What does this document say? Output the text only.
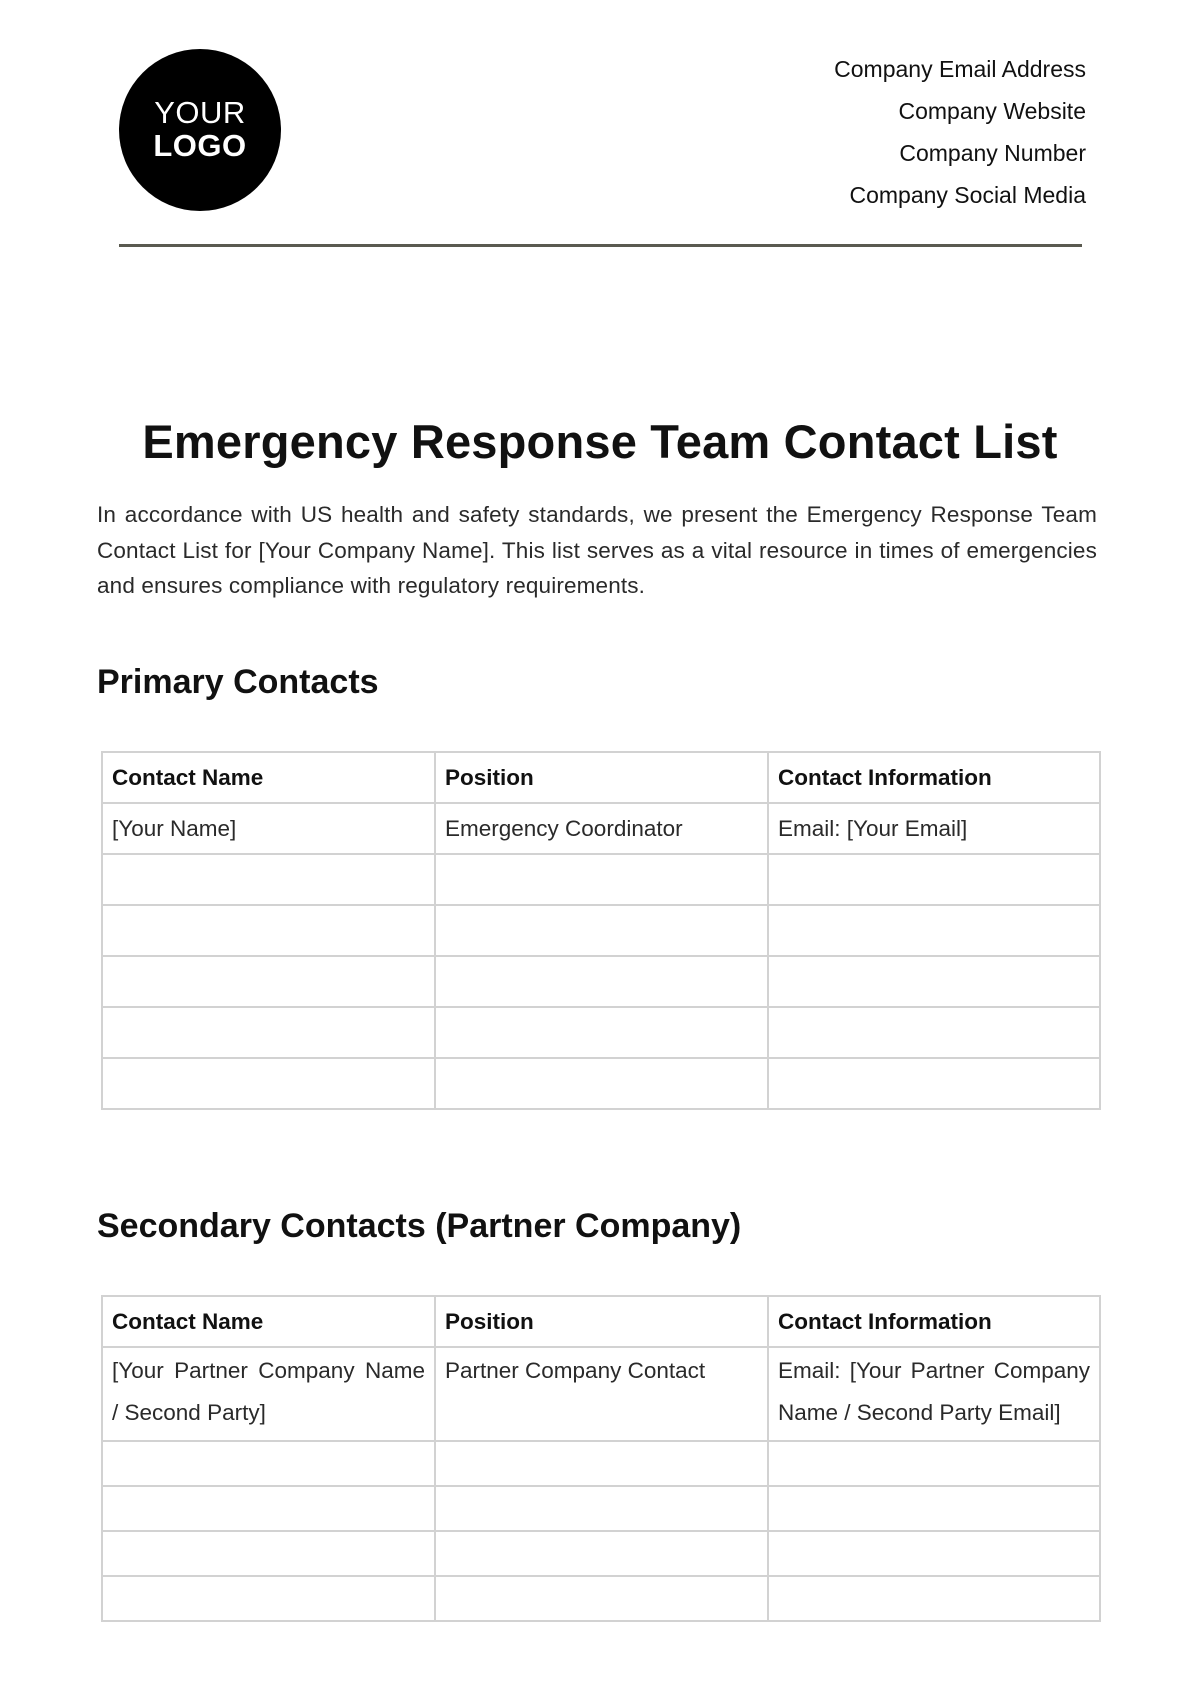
YOUR
LOGO
Company Email Address
Company Website
Company Number
Company Social Media
Emergency Response Team Contact List
In accordance with US health and safety standards, we present the Emergency Response Team Contact List for [Your Company Name]. This list serves as a vital resource in times of emergencies and ensures compliance with regulatory requirements.
Primary Contacts
Contact Name	Position	Contact Information
[Your Name]	Emergency Coordinator	Email: [Your Email]

Secondary Contacts (Partner Company)
Contact Name	Position	Contact Information
[Your Partner Company Name / Second Party]	Partner Company Contact	Email: [Your Partner Company Name / Second Party Email]
